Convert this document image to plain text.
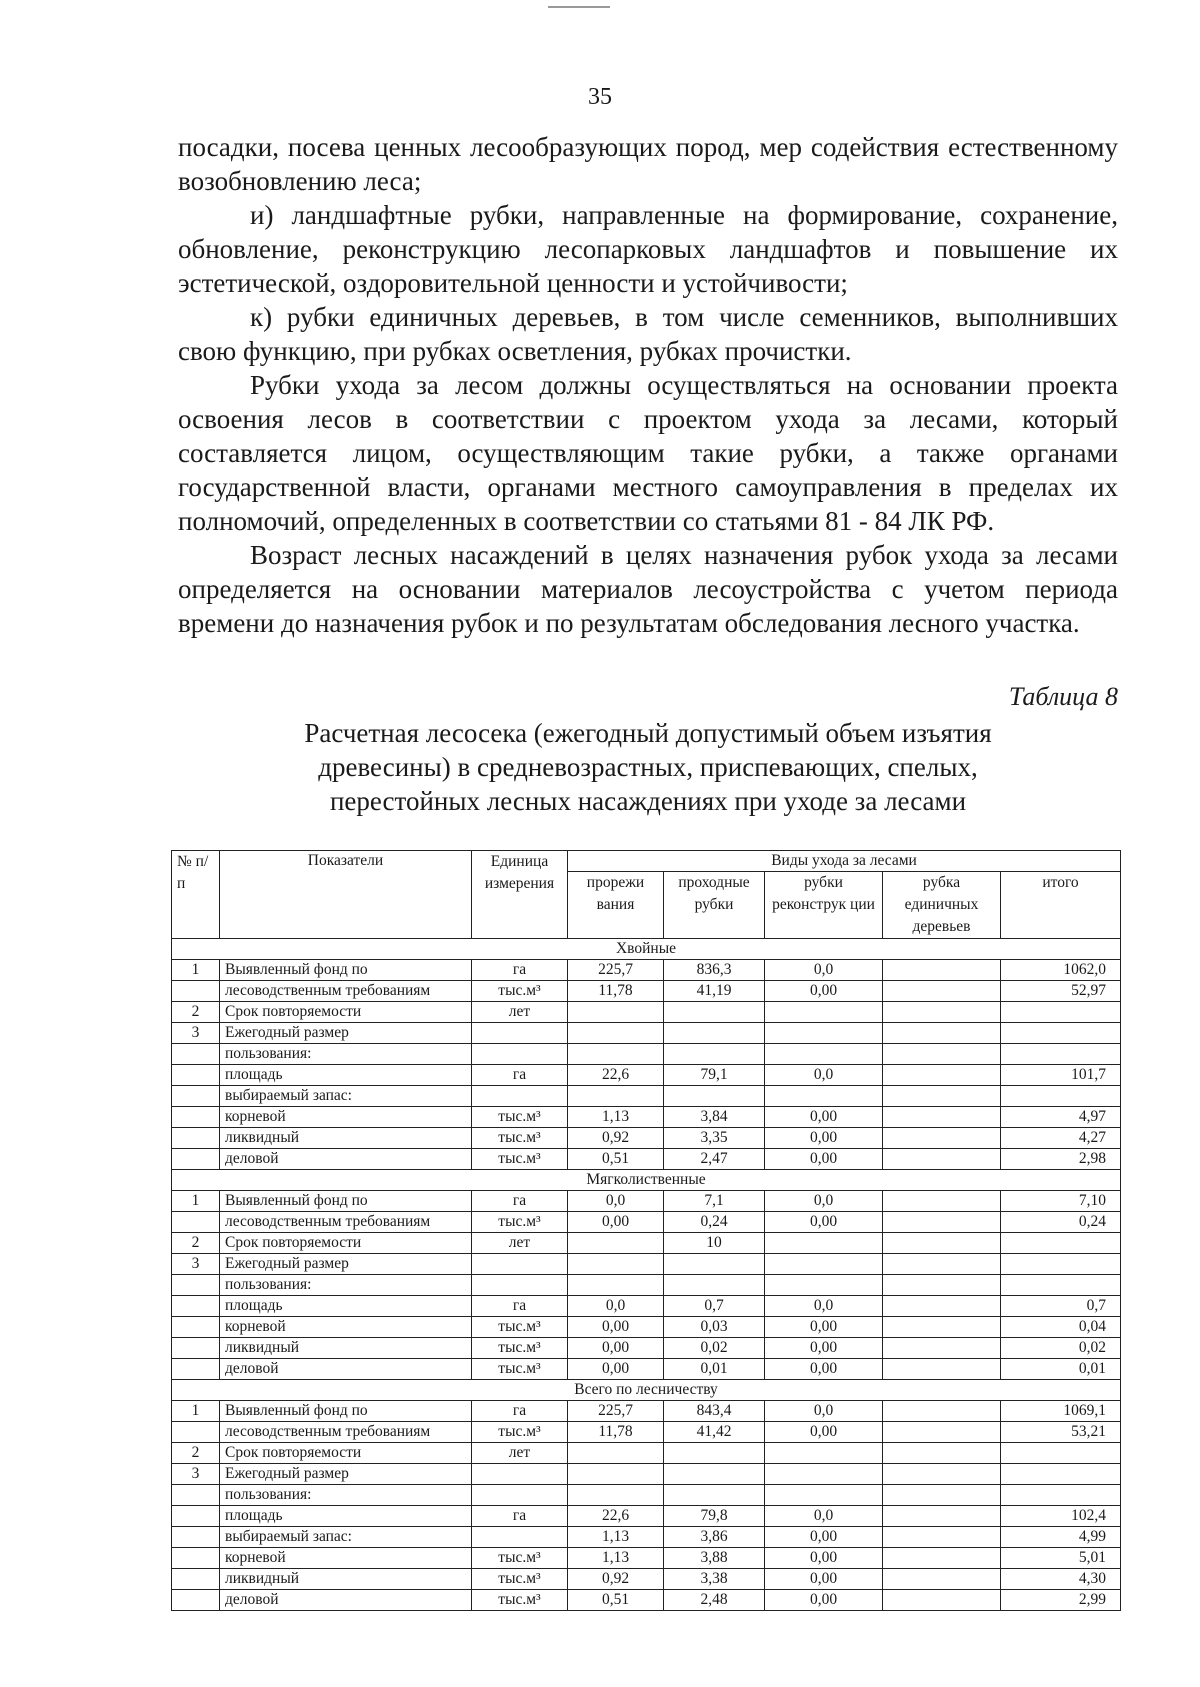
35

посадки, посева ценных лесообразующих пород, мер содействия естественному возобновлению леса;

и) ландшафтные рубки, направленные на формирование, сохранение, обновление, реконструкцию лесопарковых ландшафтов и повышение их эстетической, оздоровительной ценности и устойчивости;

к) рубки единичных деревьев, в том числе семенников, выполнивших свою функцию, при рубках осветления, рубках прочистки.

Рубки ухода за лесом должны осуществляться на основании проекта освоения лесов в соответствии с проектом ухода за лесами, который составляется лицом, осуществляющим такие рубки, а также органами государственной власти, органами местного самоуправления в пределах их полномочий, определенных в соответствии со статьями 81 - 84 ЛК РФ.

Возраст лесных насаждений в целях назначения рубок ухода за лесами определяется на основании материалов лесоустройства с учетом периода времени до назначения рубок и по результатам обследования лесного участка.

Таблица 8
Расчетная лесосека (ежегодный допустимый объем изъятия
древесины) в средневозрастных, приспевающих, спелых,
перестойных лесных насаждениях при уходе за лесами
№ п/п	Показатели	Единица измерения	Виды ухода за лесами				
			прорежи вания	проходные рубки	рубки реконструк ции	рубка единичных деревьев	итого
Хвойные							
1	Выявленный фонд по	га	225,7	836,3	0,0		1062,0
	лесоводственным требованиям	тыс.м³	11,78	41,19	0,00		52,97
2	Срок повторяемости	лет					
3	Ежегодный размер						
	пользования:						
	площадь	га	22,6	79,1	0,0		101,7
	выбираемый запас:						
	корневой	тыс.м³	1,13	3,84	0,00		4,97
	ликвидный	тыс.м³	0,92	3,35	0,00		4,27
	деловой	тыс.м³	0,51	2,47	0,00		2,98
Мягколиственные							
1	Выявленный фонд по	га	0,0	7,1	0,0		7,10
	лесоводственным требованиям	тыс.м³	0,00	0,24	0,00		0,24
2	Срок повторяемости	лет		10			
3	Ежегодный размер						
	пользования:						
	площадь	га	0,0	0,7	0,0		0,7
	корневой	тыс.м³	0,00	0,03	0,00		0,04
	ликвидный	тыс.м³	0,00	0,02	0,00		0,02
	деловой	тыс.м³	0,00	0,01	0,00		0,01
Всего по лесничеству							
1	Выявленный фонд по	га	225,7	843,4	0,0		1069,1
	лесоводственным требованиям	тыс.м³	11,78	41,42	0,00		53,21
2	Срок повторяемости	лет					
3	Ежегодный размер						
	пользования:						
	площадь	га	22,6	79,8	0,0		102,4
	выбираемый запас:		1,13	3,86	0,00		4,99
	корневой	тыс.м³	1,13	3,88	0,00		5,01
	ликвидный	тыс.м³	0,92	3,38	0,00		4,30
	деловой	тыс.м³	0,51	2,48	0,00		2,99
